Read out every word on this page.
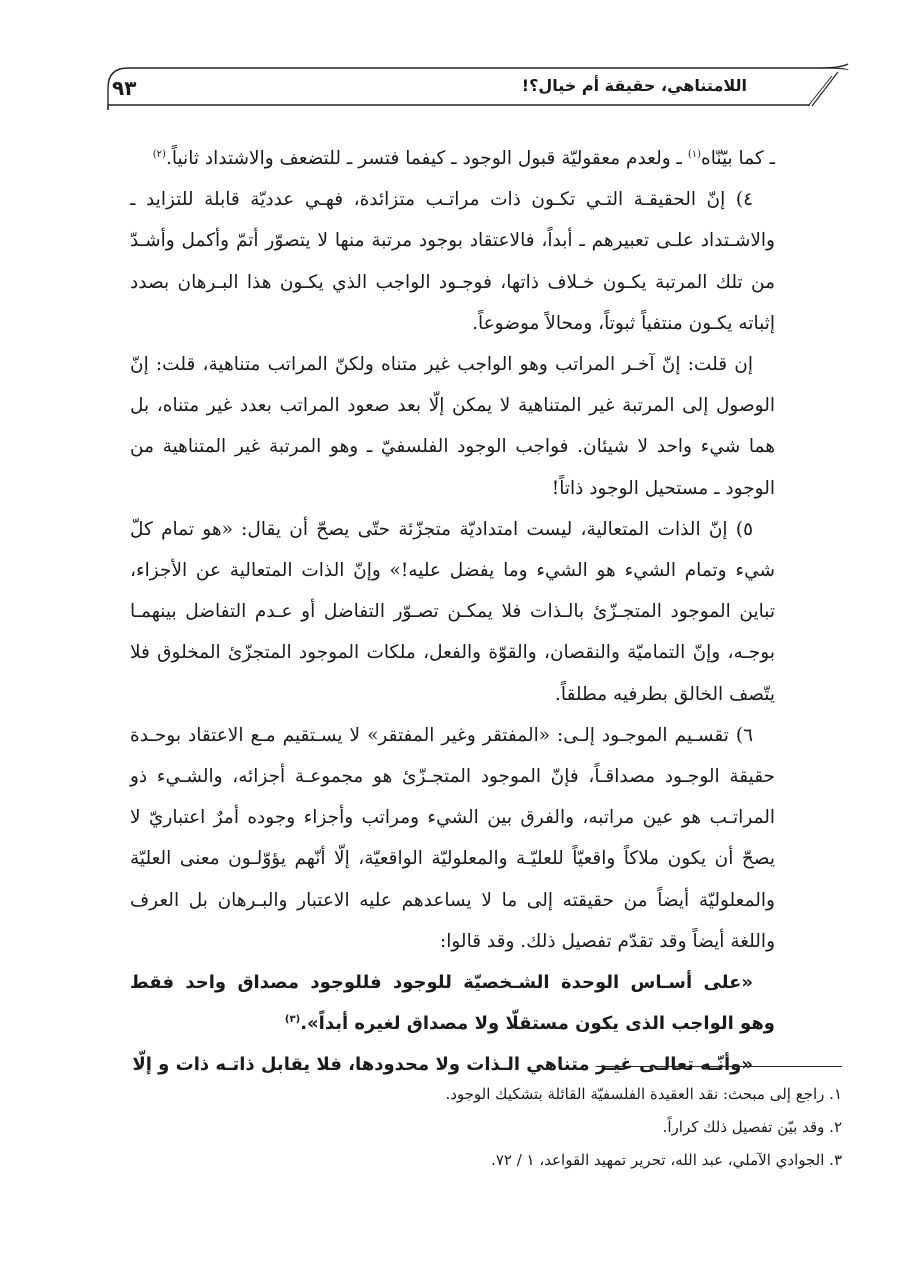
٩٣	اللامتناهي، حقيقة أم خيال؟!

ـ كما بيّنّاه$^{(١)}$ ـ ولعدم معقوليّة قبول الوجود ـ كيفما فتسر ـ للتضعف والاشتداد ثانياً.$^{(٢)}$

٤) إنّ الحقيقـة التـي تكـون ذات مراتـب متزائدة، فهـي عدديّة قابلة للتزايد ـ والاشـتداد علـى تعبيرهم ـ أبداً، فالاعتقاد بوجود مرتبة منها لا يتصوّر أتمّ وأكمل وأشـدّ من تلك المرتبة يكـون خـلاف ذاتها، فوجـود الواجب الذي يكـون هذا البـرهان بصدد إثباته يكـون منتفياً ثبوتاً، ومحالاً موضوعاً.

إن قلت: إنّ آخـر المراتب وهو الواجب غير متناه ولكنّ المراتب متناهية، قلت: إنّ الوصول إلى المرتبة غير المتناهية لا يمكن إلّا بعد صعود المراتب بعدد غير متناه، بل هما شيء واحد لا شيئان. فواجب الوجود الفلسفيّ ـ وهو المرتبة غير المتناهية من الوجود ـ مستحيل الوجود ذاتاً!

٥) إنّ الذات المتعالية، ليست امتداديّة متجزّئة حتّى يصحّ أن يقال: «هو تمام كلّ شيء وتمام الشيء هو الشيء وما يفضل عليه!» وإنّ الذات المتعالية عن الأجزاء، تباين الموجود المتجـزّئ بالـذات فلا يمكـن تصـوّر التفاضل أو عـدم التفاضل بينهمـا بوجـه، وإنّ التماميّة والنقصان، والقوّة والفعل، ملكات الموجود المتجزّئ المخلوق فلا يتّصف الخالق بطرفيه مطلقاً.

٦) تقسـيم الموجـود إلـى: «المفتقر وغير المفتقر» لا يسـتقيم مـع الاعتقاد بوحـدة حقيقة الوجـود مصداقـاً، فإنّ الموجود المتجـزّئ هو مجموعـة أجزائه، والشـيء ذو المراتـب هو عين مراتبه، والفرق بين الشيء ومراتب وأجزاء وجوده أمرٌ اعتباريّ لا يصحّ أن يكون ملاكاً واقعيّاً للعليّـة والمعلوليّة الواقعيّة، إلّا أنّهم يؤوّلـون معنى العليّة والمعلوليّة أيضاً من حقيقته إلى ما لا يساعدهم عليه الاعتبار والبـرهان بل العرف واللغة أيضاً وقد تقدّم تفصيل ذلك. وقد قالوا:

«على أسـاس الوحدة الشـخصيّة للوجود فللوجود مصداق واحد فقط وهو الواجب الذى يكون مستقلّا ولا مصداق لغيره أبداً».$^{(٣)}$

«وأنّـه تعالـى غيـر متناهي الـذات ولا محدودها، فلا يقابل ذاتـه ذات و إلّا

١. راجع إلى مبحث: نقد العقيدة الفلسفيّة القائلة بتشكيك الوجود.
٢. وقد بيّن تفصيل ذلك كراراً.
٣. الجوادي الآملي، عبد الله، تحرير تمهيد القواعد، ١ / ٧٢.
